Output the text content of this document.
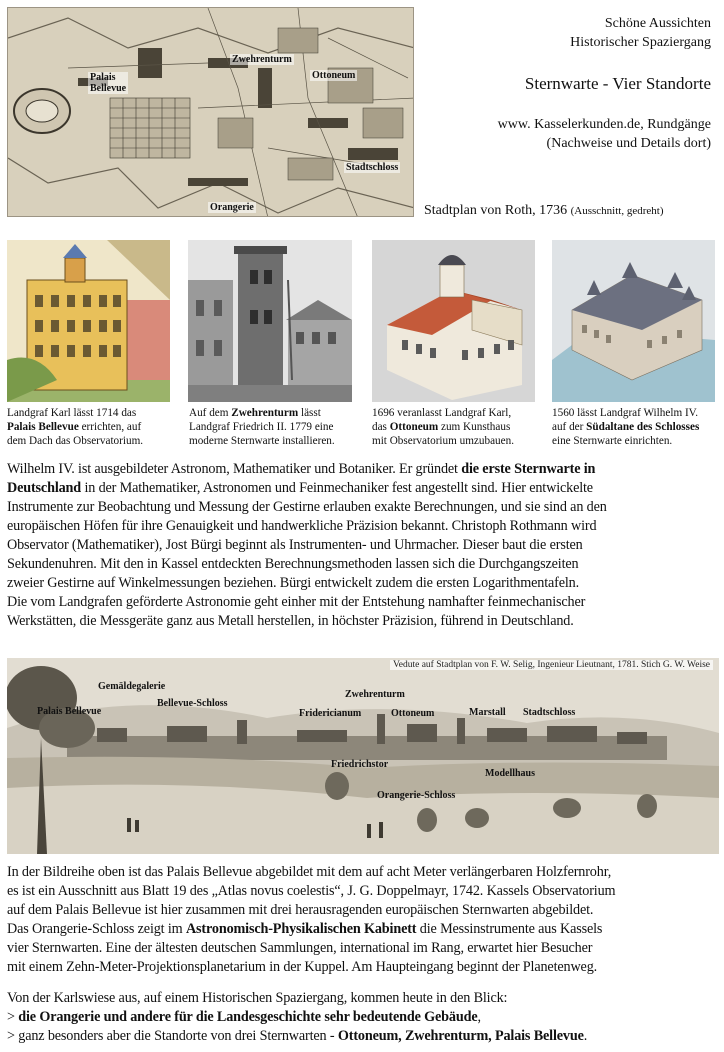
Palais
Bellevue
Zwehrenturm
Ottoneum
Stadtschloss
Orangerie
Schöne Aussichten
Historischer Spaziergang
Sternwarte - Vier Standorte
www. Kasselerkunden.de, Rundgänge
(Nachweise und Details dort)
Stadtplan von Roth, 1736 (Ausschnitt, gedreht)
Landgraf Karl lässt 1714 das
Palais Bellevue errichten, auf
dem Dach das Observatorium.
Auf dem Zwehrenturm lässt
Landgraf Friedrich II. 1779 eine
moderne Sternwarte installieren.
1696 veranlasst Landgraf Karl,
das Ottoneum zum Kunsthaus
mit Observatorium umzubauen.
1560 lässt Landgraf Wilhelm IV.
auf der Südaltane des Schlosses
eine Sternwarte einrichten.
Wilhelm IV. ist ausgebildeter Astronom, Mathematiker und Botaniker. Er gründet die erste Sternwarte in
Deutschland in der Mathematiker, Astronomen und Feinmechaniker fest angestellt sind. Hier entwickelte
Instrumente zur Beobachtung und Messung der Gestirne erlauben exakte Berechnungen, und sie sind an den
europäischen Höfen für ihre Genauigkeit und handwerkliche Präzision bekannt. Christoph Rothmann wird
Observator (Mathematiker), Jost Bürgi beginnt als Instrumenten- und Uhrmacher. Dieser baut die ersten
Sekundenuhren. Mit den in Kassel entdeckten Berechnungsmethoden lassen sich die Durchgangszeiten
zweier Gestirne auf Winkelmessungen beziehen. Bürgi entwickelt zudem die ersten Logarithmentafeln.
Die vom Landgrafen geförderte Astronomie geht einher mit der Entstehung namhafter feinmechanischer
Werkstätten, die Messgeräte ganz aus Metall herstellen, in höchster Präzision, führend in Deutschland.
Vedute auf Stadtplan von F. W. Selig, Ingenieur Lieutnant, 1781. Stich G. W. Weise
Gemäldegalerie
Palais Bellevue
Bellevue-Schloss
Zwehrenturm
Fridericianum	Ottoneum	Marstall Stadtschloss
Friedrichstor
Modellhaus
Orangerie-Schloss
In der Bildreihe oben ist das Palais Bellevue abgebildet mit dem auf acht Meter verlängerbaren Holzfernrohr,
es ist ein Ausschnitt aus Blatt 19 des „Atlas novus coelestis“, J. G. Doppelmayr, 1742. Kassels Observatorium
auf dem Palais Bellevue ist hier zusammen mit drei herausragenden europäischen Sternwarten abgebildet.
Das Orangerie-Schloss zeigt im Astronomisch-Physikalischen Kabinett die Messinstrumente aus Kassels
vier Sternwarten. Eine der ältesten deutschen Sammlungen, international im Rang, erwartet hier Besucher
mit einem Zehn-Meter-Projektionsplanetarium in der Kuppel. Am Haupteingang beginnt der Planetenweg.
Von der Karlswiese aus, auf einem Historischen Spaziergang, kommen heute in den Blick:
> die Orangerie und andere für die Landesgeschichte sehr bedeutende Gebäude,
> ganz besonders aber die Standorte von drei Sternwarten - Ottoneum, Zwehrenturm, Palais Bellevue.
